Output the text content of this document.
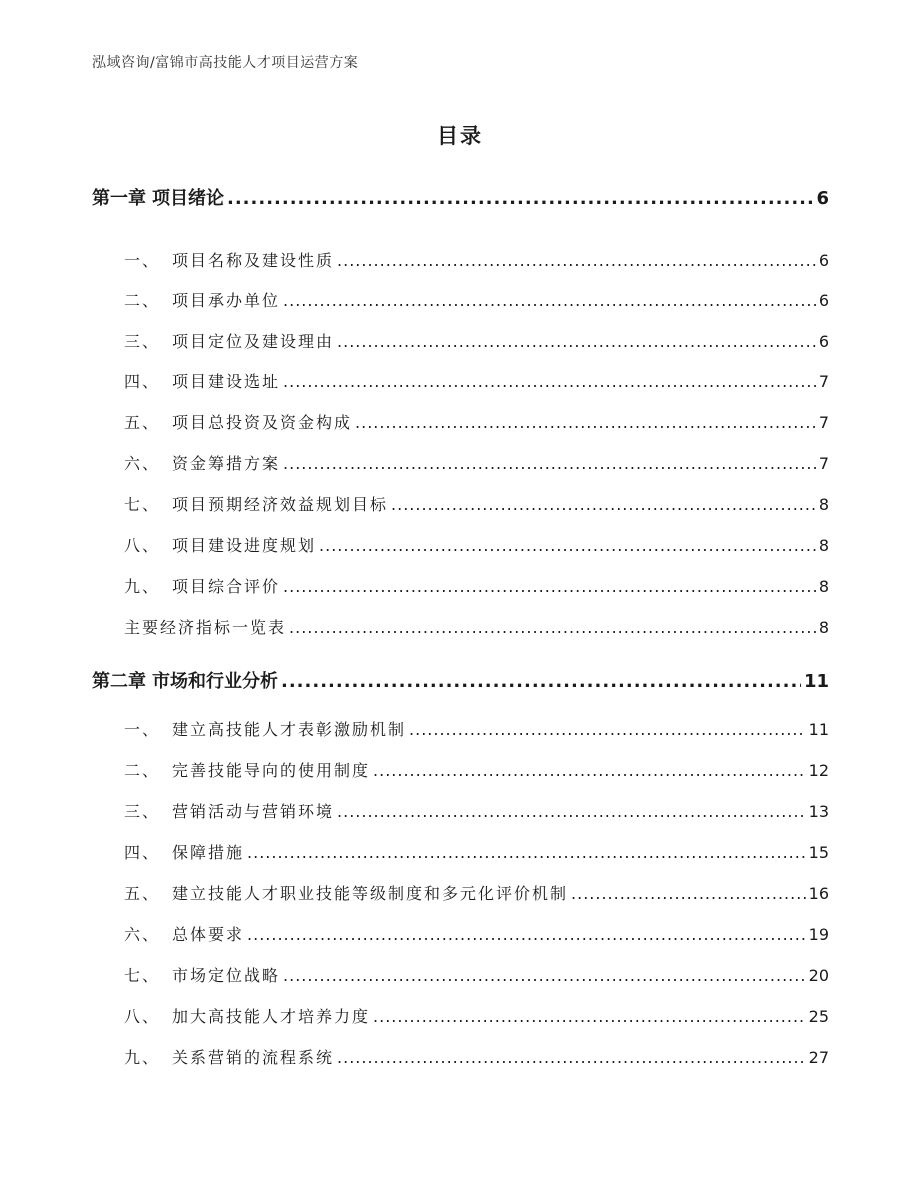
泓域咨询/富锦市高技能人才项目运营方案
目录
第一章 项目绪论 .....	6
一、 项目名称及建设性质 .....	6
二、 项目承办单位 .....	6
三、 项目定位及建设理由 .....	6
四、 项目建设选址 .....	7
五、 项目总投资及资金构成 .....	7
六、 资金筹措方案 .....	7
七、 项目预期经济效益规划目标 .....	8
八、 项目建设进度规划 .....	8
九、 项目综合评价 .....	8
主要经济指标一览表 .....	8
第二章 市场和行业分析 .....	11
一、 建立高技能人才表彰激励机制 .....	11
二、 完善技能导向的使用制度 .....	12
三、 营销活动与营销环境 .....	13
四、 保障措施 .....	15
五、 建立技能人才职业技能等级制度和多元化评价机制 .....	16
六、 总体要求 .....	19
七、 市场定位战略 .....	20
八、 加大高技能人才培养力度 .....	25
九、 关系营销的流程系统 .....	27
